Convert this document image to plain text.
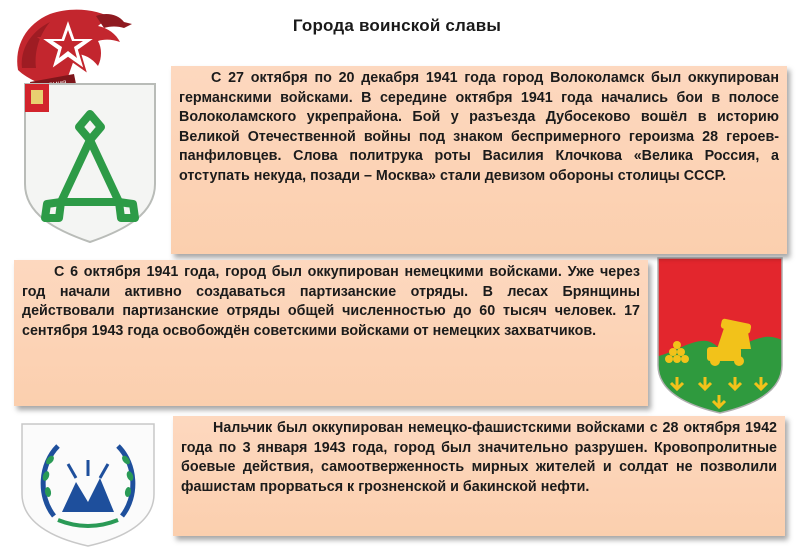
Города воинской славы

С 27 октября по 20 декабря 1941 года город Волоколамск был оккупирован германскими войсками. В середине октября 1941 года начались бои в полосе Волоколамского укрепрайона. Бой у разъезда Дубосеково вошёл в историю Великой Отечественной войны под знаком беспримерного героизма 28 героев-панфиловцев. Слова политрука роты Василия Клочкова «Велика Россия, а отступать некуда, позади – Москва» стали девизом обороны столицы СССР.

С 6 октября 1941 года, город был оккупирован немецкими войсками. Уже через год начали активно создаваться партизанские отряды. В лесах Брянщины действовали партизанские отряды общей численностью до 60 тысяч человек. 17 сентября 1943 года освобождён советскими войсками от немецких захватчиков.

Нальчик был оккупирован немецко-фашистскими войсками с 28 октября 1942 года по 3 января 1943 года, город был значительно разрушен. Кровопролитные боевые действия, самоотверженность мирных жителей и солдат не позволили фашистам прорваться к грозненской и бакинской нефти.
